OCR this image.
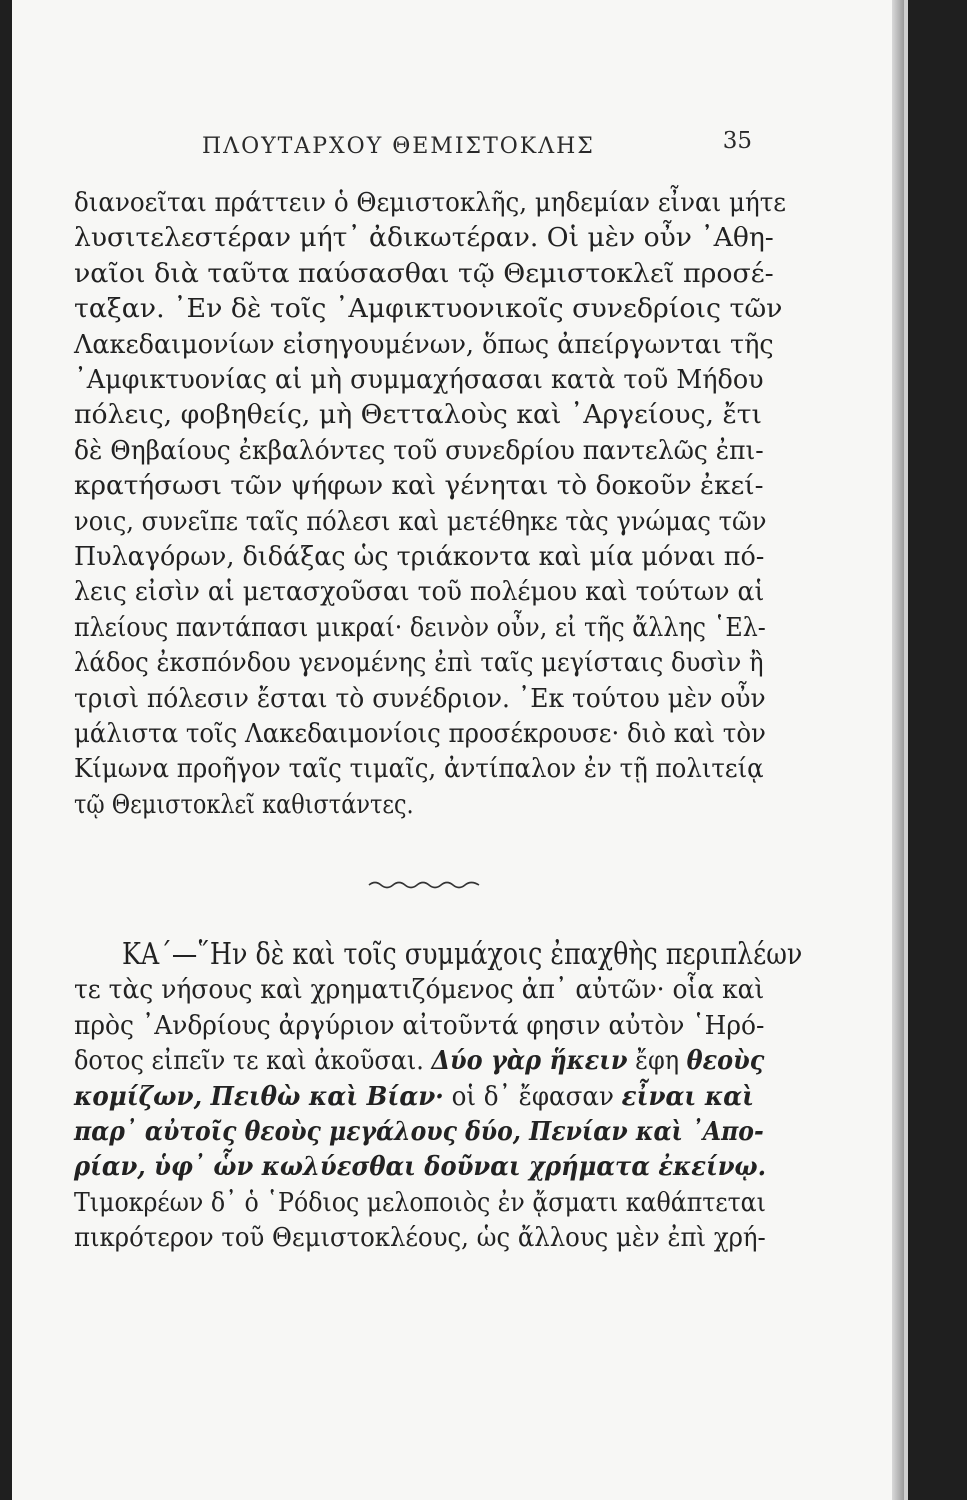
ΠΛΟΥΤΑΡΧΟΥ ΘΕΜΙΣΤΟΚΛΗΣ	35
διανοεῖται πράττειν ὁ Θεμιστοκλῆς, μηδεμίαν εἶναι μήτε
λυσιτελεστέραν μήτ᾽ ἀδικωτέραν. Οἱ μὲν οὖν ᾽Αθη-
ναῖοι διὰ ταῦτα παύσασθαι τῷ Θεμιστοκλεῖ προσέ-
ταξαν. ᾽Εν δὲ τοῖς ᾽Αμφικτυονικοῖς συνεδρίοις τῶν
Λακεδαιμονίων εἰσηγουμένων, ὅπως ἀπείργωνται τῆς
᾽Αμφικτυονίας αἱ μὴ συμμαχήσασαι κατὰ τοῦ Μήδου
πόλεις, φοβηθείς, μὴ Θετταλοὺς καὶ ᾽Αργείους, ἔτι
δὲ Θηβαίους ἐκβαλόντες τοῦ συνεδρίου παντελῶς ἐπι-
κρατήσωσι τῶν ψήφων καὶ γένηται τὸ δοκοῦν ἐκεί-
νοις, συνεῖπε ταῖς πόλεσι καὶ μετέθηκε τὰς γνώμας τῶν
Πυλαγόρων, διδάξας ὡς τριάκοντα καὶ μία μόναι πό-
λεις εἰσὶν αἱ μετασχοῦσαι τοῦ πολέμου καὶ τούτων αἱ
πλείους παντάπασι μικραί· δεινὸν οὖν, εἰ τῆς ἄλλης ῾Ελ-
λάδος ἐκσπόνδου γενομένης ἐπὶ ταῖς μεγίσταις δυσὶν ἢ
τρισὶ πόλεσιν ἔσται τὸ συνέδριον. ᾽Εκ τούτου μὲν οὖν
μάλιστα τοῖς Λακεδαιμονίοις προσέκρουσε· διὸ καὶ τὸν
Κίμωνα προῆγον ταῖς τιμαῖς, ἀντίπαλον ἐν τῇ πολιτείᾳ
τῷ Θεμιστοκλεῖ καθιστάντες.
ΚΑ΄—῞Ην δὲ καὶ τοῖς συμμάχοις ἐπαχθὴς περιπλέων
τε τὰς νήσους καὶ χρηματιζόμενος ἀπ᾽ αὐτῶν· οἷα καὶ
πρὸς ᾽Ανδρίους ἀργύριον αἰτοῦντά φησιν αὐτὸν ῾Ηρό-
δοτος εἰπεῖν τε καὶ ἀκοῦσαι. Δύο γὰρ ἥκειν ἔφη θεοὺς
κομίζων, Πειθὼ καὶ Βίαν· οἱ δ᾽ ἔφασαν εἶναι καὶ
παρ᾽ αὐτοῖς θεοὺς μεγάλους δύο, Πενίαν καὶ ᾽Απο-
ρίαν, ὑφ᾽ ὧν κωλύεσθαι δοῦναι χρήματα ἐκείνῳ.
Τιμοκρέων δ᾽ ὁ ῾Ρόδιος μελοποιὸς ἐν ᾄσματι καθάπτεται
πικρότερον τοῦ Θεμιστοκλέους, ὡς ἄλλους μὲν ἐπὶ χρή-
